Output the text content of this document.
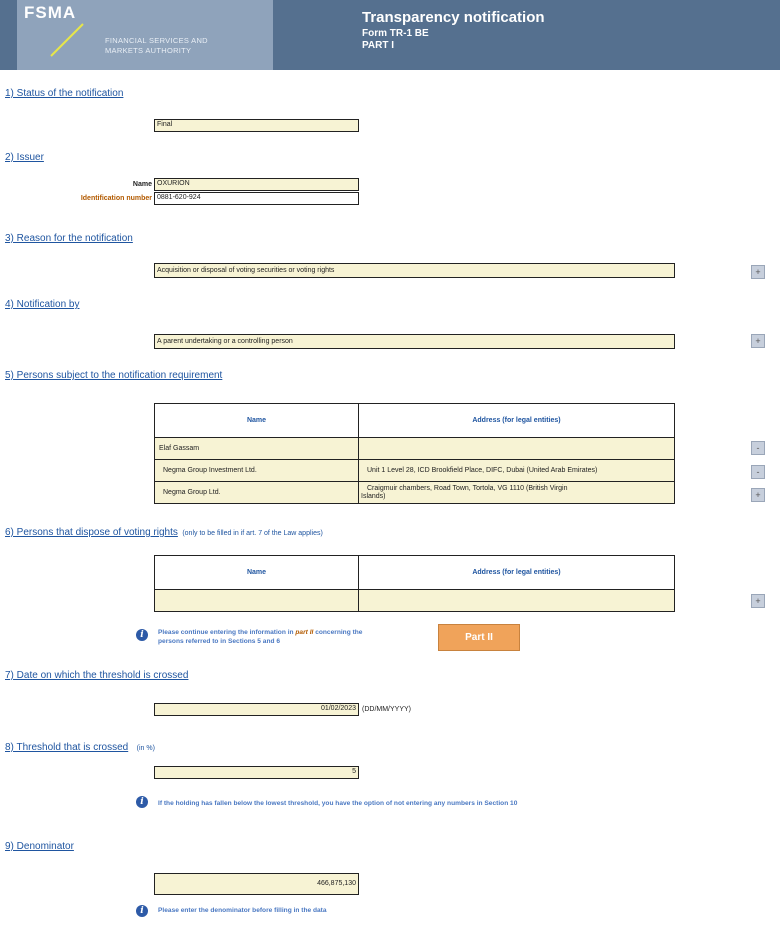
FSMA
FINANCIAL SERVICES AND
MARKETS AUTHORITY
Transparency notification
Form TR-1 BE
PART I
1) Status of the notification
Final
2) Issuer
Name OXURION
Identification number 0881-620-924
3) Reason for the notification
Acquisition or disposal of voting securities or voting rights	+
4) Notification by
A parent undertaking or a controlling person	+
5) Persons subject to the notification requirement
Name	Address (for legal entities)
Elaf Gassam	
Negma Group Investment Ltd.	Unit 1 Level 28, ICD Brookfield Place, DIFC, Dubai (United Arab Emirates)
Negma Group Ltd.	Craigmuir chambers, Road Town, Tortola, VG 1110 (British Virgin
Islands)
-
-
+
6) Persons that dispose of voting rights (only to be filled in if art. 7 of the Law applies)
Name	Address (for legal entities)

+
i	Please continue entering the information in part II concerning the
persons referred to in Sections 5 and 6	Part II
7) Date on which the threshold is crossed
01/02/2023 (DD/MM/YYYY)
8) Threshold that is crossed (in %)
5
i	If the holding has fallen below the lowest threshold, you have the option of not entering any numbers in Section 10
9) Denominator
466,875,130
i	Please enter the denominator before filling in the data
